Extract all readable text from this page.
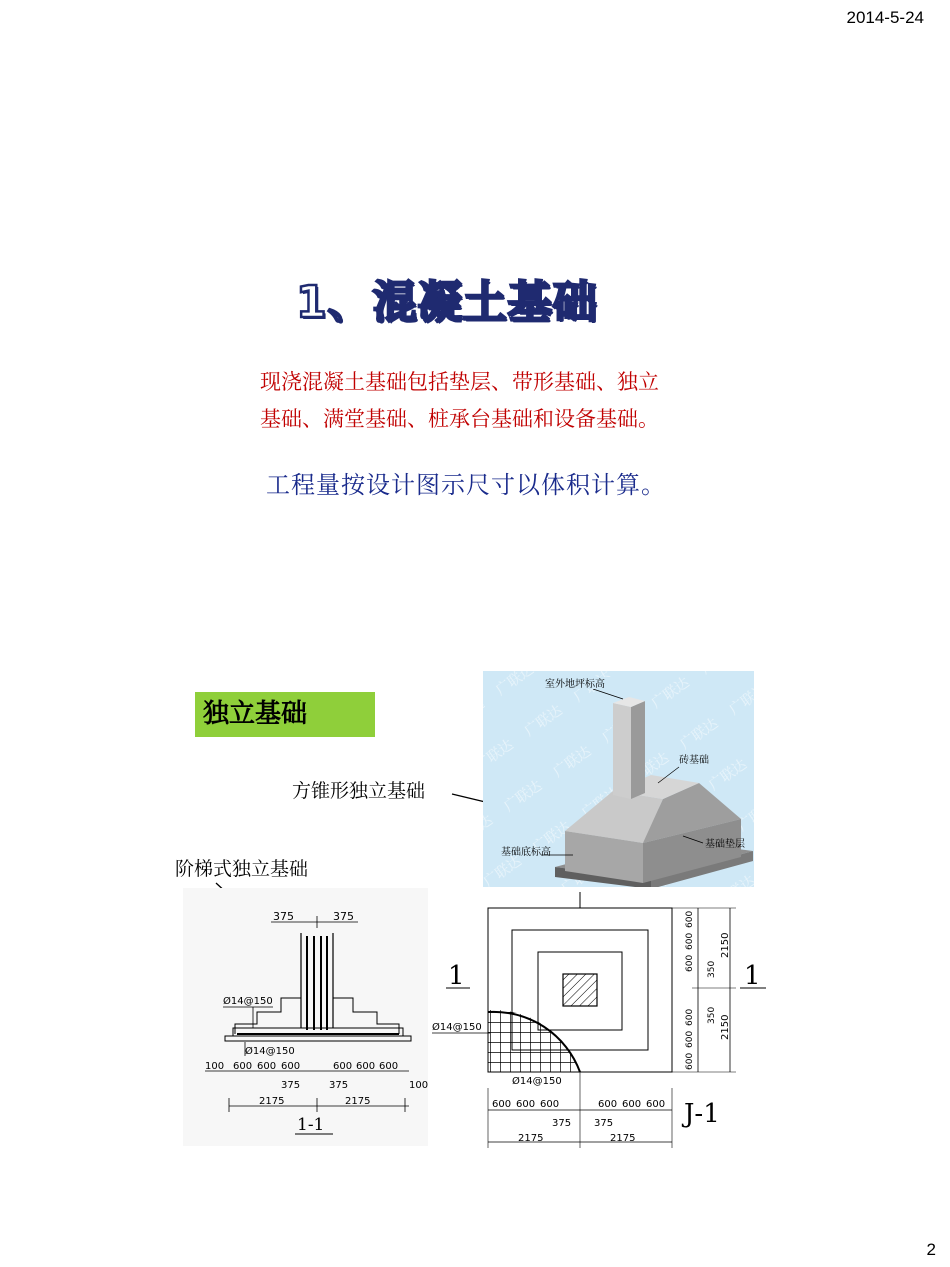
2014-5-24
1、混凝土基础
现浇混凝土基础包括垫层、带形基础、独立
基础、满堂基础、桩承台基础和设备基础。
工程量按设计图示尺寸以体积计算。
独立基础
方锥形独立基础
阶梯式独立基础
室外地坪标高
砖基础
基础底标高
基础垫层
375	375
Ø14@150
Ø14@150
100 600 600 600	600 600 600
375	375	100
2175	2175
1-1
1	1
Ø14@150
Ø14@150
600
600
600 350
350
600
600
600
2150
2150
600 600 600	600 600 600
375 375
2175	2175
J-1
2
